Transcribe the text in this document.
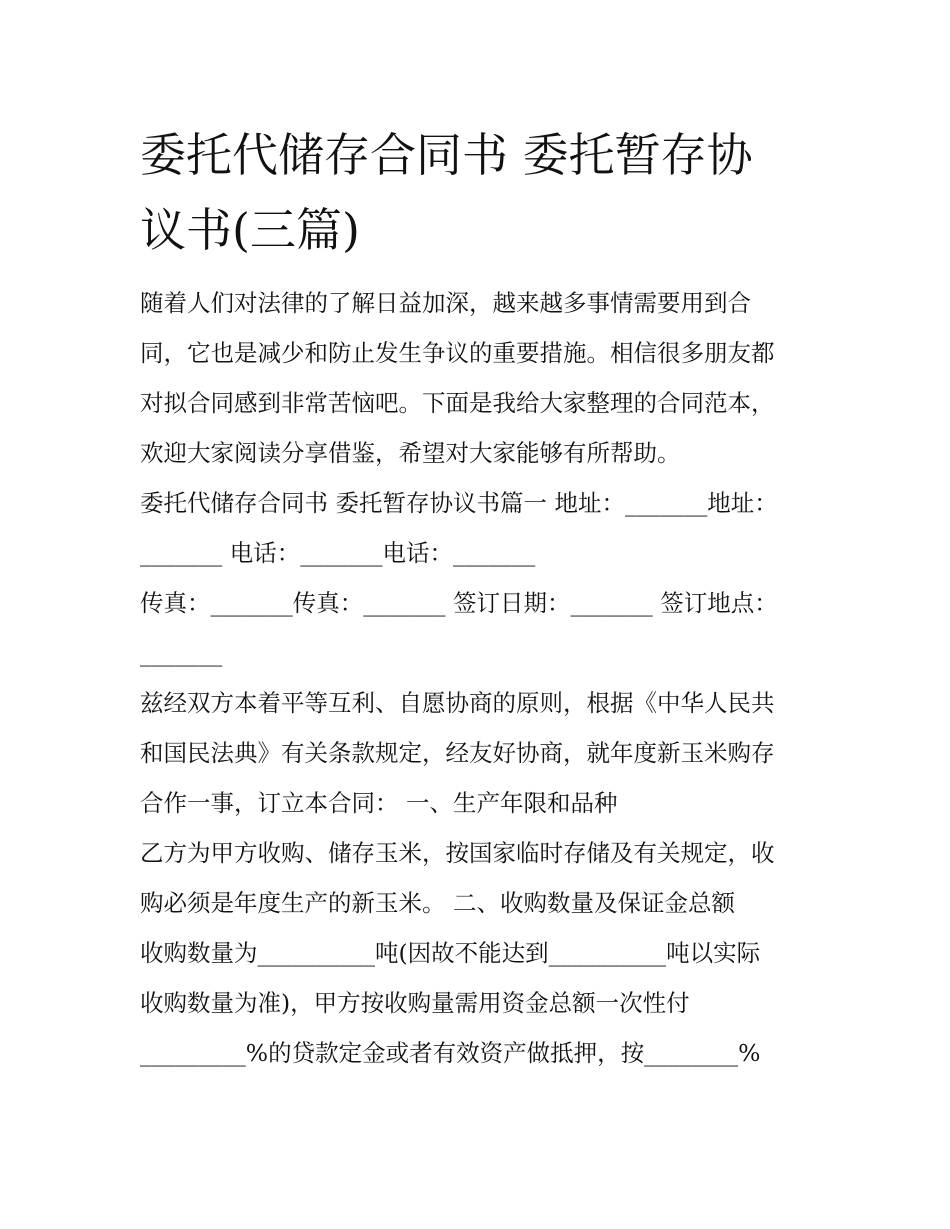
委托代储存合同书 委托暂存协
议书(三篇)
随着人们对法律的了解日益加深，越来越多事情需要用到合
同，它也是减少和防止发生争议的重要措施。相信很多朋友都
对拟合同感到非常苦恼吧。下面是我给大家整理的合同范本，
欢迎大家阅读分享借鉴，希望对大家能够有所帮助。
委托代储存合同书 委托暂存协议书篇一 地址：_______地址：
_______ 电话：_______电话：_______
传真：_______传真：_______ 签订日期：_______ 签订地点：
_______
兹经双方本着平等互利、自愿协商的原则，根据《中华人民共
和国民法典》有关条款规定，经友好协商，就年度新玉米购存
合作一事，订立本合同： 一、生产年限和品种
乙方为甲方收购、储存玉米，按国家临时存储及有关规定，收
购必须是年度生产的新玉米。 二、收购数量及保证金总额
收购数量为__________吨(因故不能达到__________吨以实际
收购数量为准)，甲方按收购量需用资金总额一次性付
_________%的贷款定金或者有效资产做抵押，按________%
